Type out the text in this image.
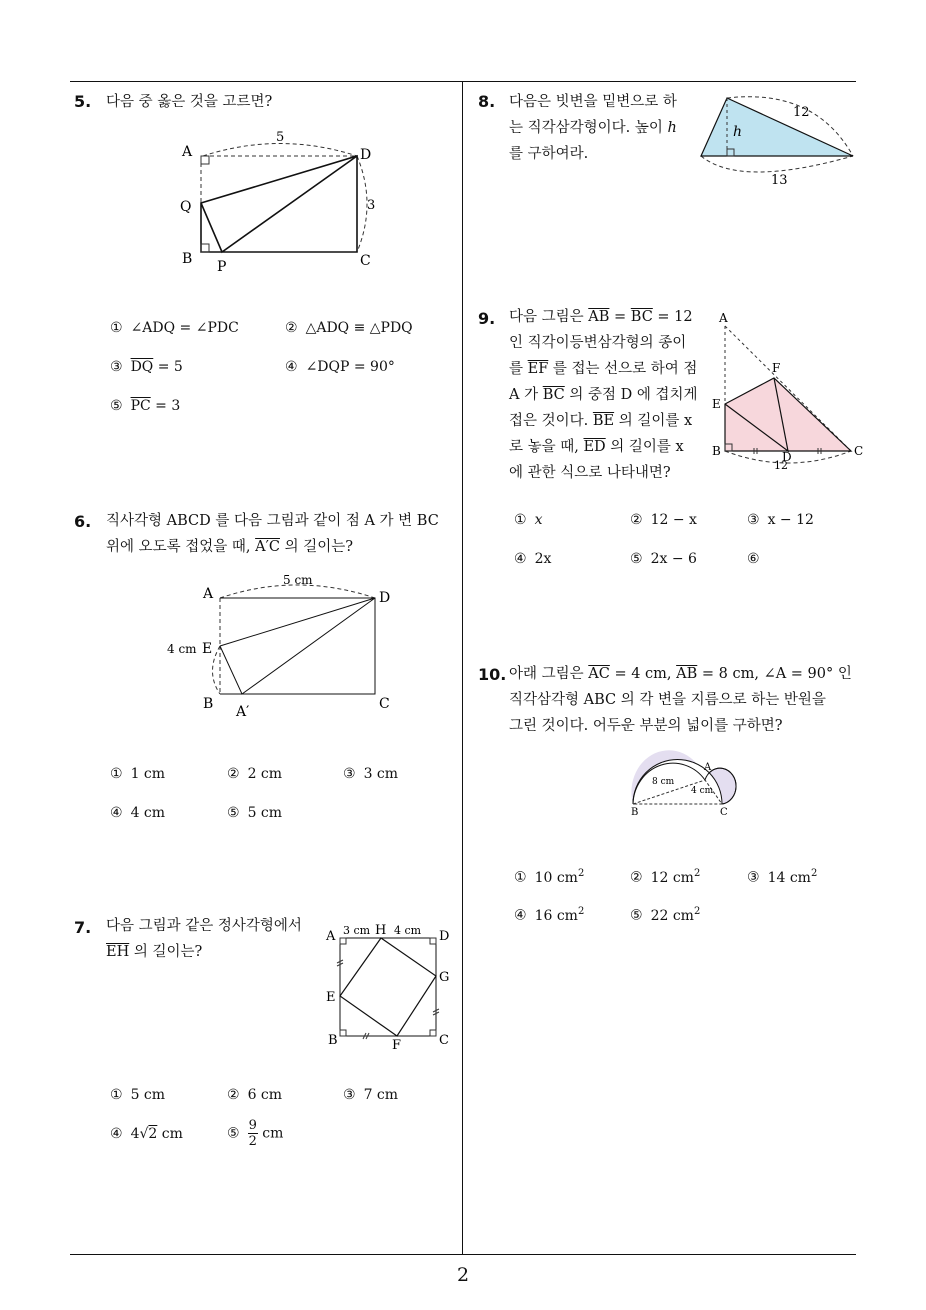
2
5. 다음 중 옳은 것을 고르면?
A	D
Q
B P	C
5
3
① ∠ADQ = ∠PDC	② △ADQ ≡ △PDQ
③ $\overline{DQ} = 5$	④ ∠DQP = 90°
⑤ $\overline{PC} = 3$
6. 직사각형 ABCD 를 다음 그림과 같이 점 A 가 변 BC
위에 오도록 접었을 때, A′C 의 길이는?
A	D
E
B A′	C
5 cm
4 cm
① 1 cm	② 2 cm	③ 3 cm
④ 4 cm	⑤ 5 cm
7. 다음 그림과 같은 정사각형에서
$\overline{EH}$ 의 길이는?
A	H	D
E
G
B	F	C
3 cm 4 cm
① 5 cm	② 6 cm	③ 7 cm
④ 4√2 cm	⑤ $\frac{9}{2}$ cm
8. 다음은 빗변을 밑변으로 하
는 직각삼각형이다. 높이 h
를 구하여라.
h
12
13
9. 다음 그림은 $\overline{AB} = \overline{BC} = 12$
인 직각이등변삼각형의 종이
를 $\overline{EF}$ 를 접는 선으로 하여 점
A 가 $\overline{BC}$ 의 중점 D 에 겹치게
접은 것이다. $\overline{BE}$ 의 길이를 x
로 놓을 때, $\overline{ED}$ 의 길이를 x
에 관한 식으로 나타내면?
A
F
E
B	D	C
12
① x	② 12 − x	③ x − 12
④ 2x	⑤ 2x − 6	⑥
10. 아래 그림은 $\overline{AC} = 4$ cm, $\overline{AB} = 8$ cm, ∠A = 90° 인
직각삼각형 ABC 의 각 변을 지름으로 하는 반원을
그린 것이다. 어두운 부분의 넓이를 구하면?
B
A
C
8 cm
4 cm
① 10 $cm^2$	② 12 $cm^2$	③ 14 $cm^2$
④ 16 $cm^2$	⑤ 22 $cm^2$
